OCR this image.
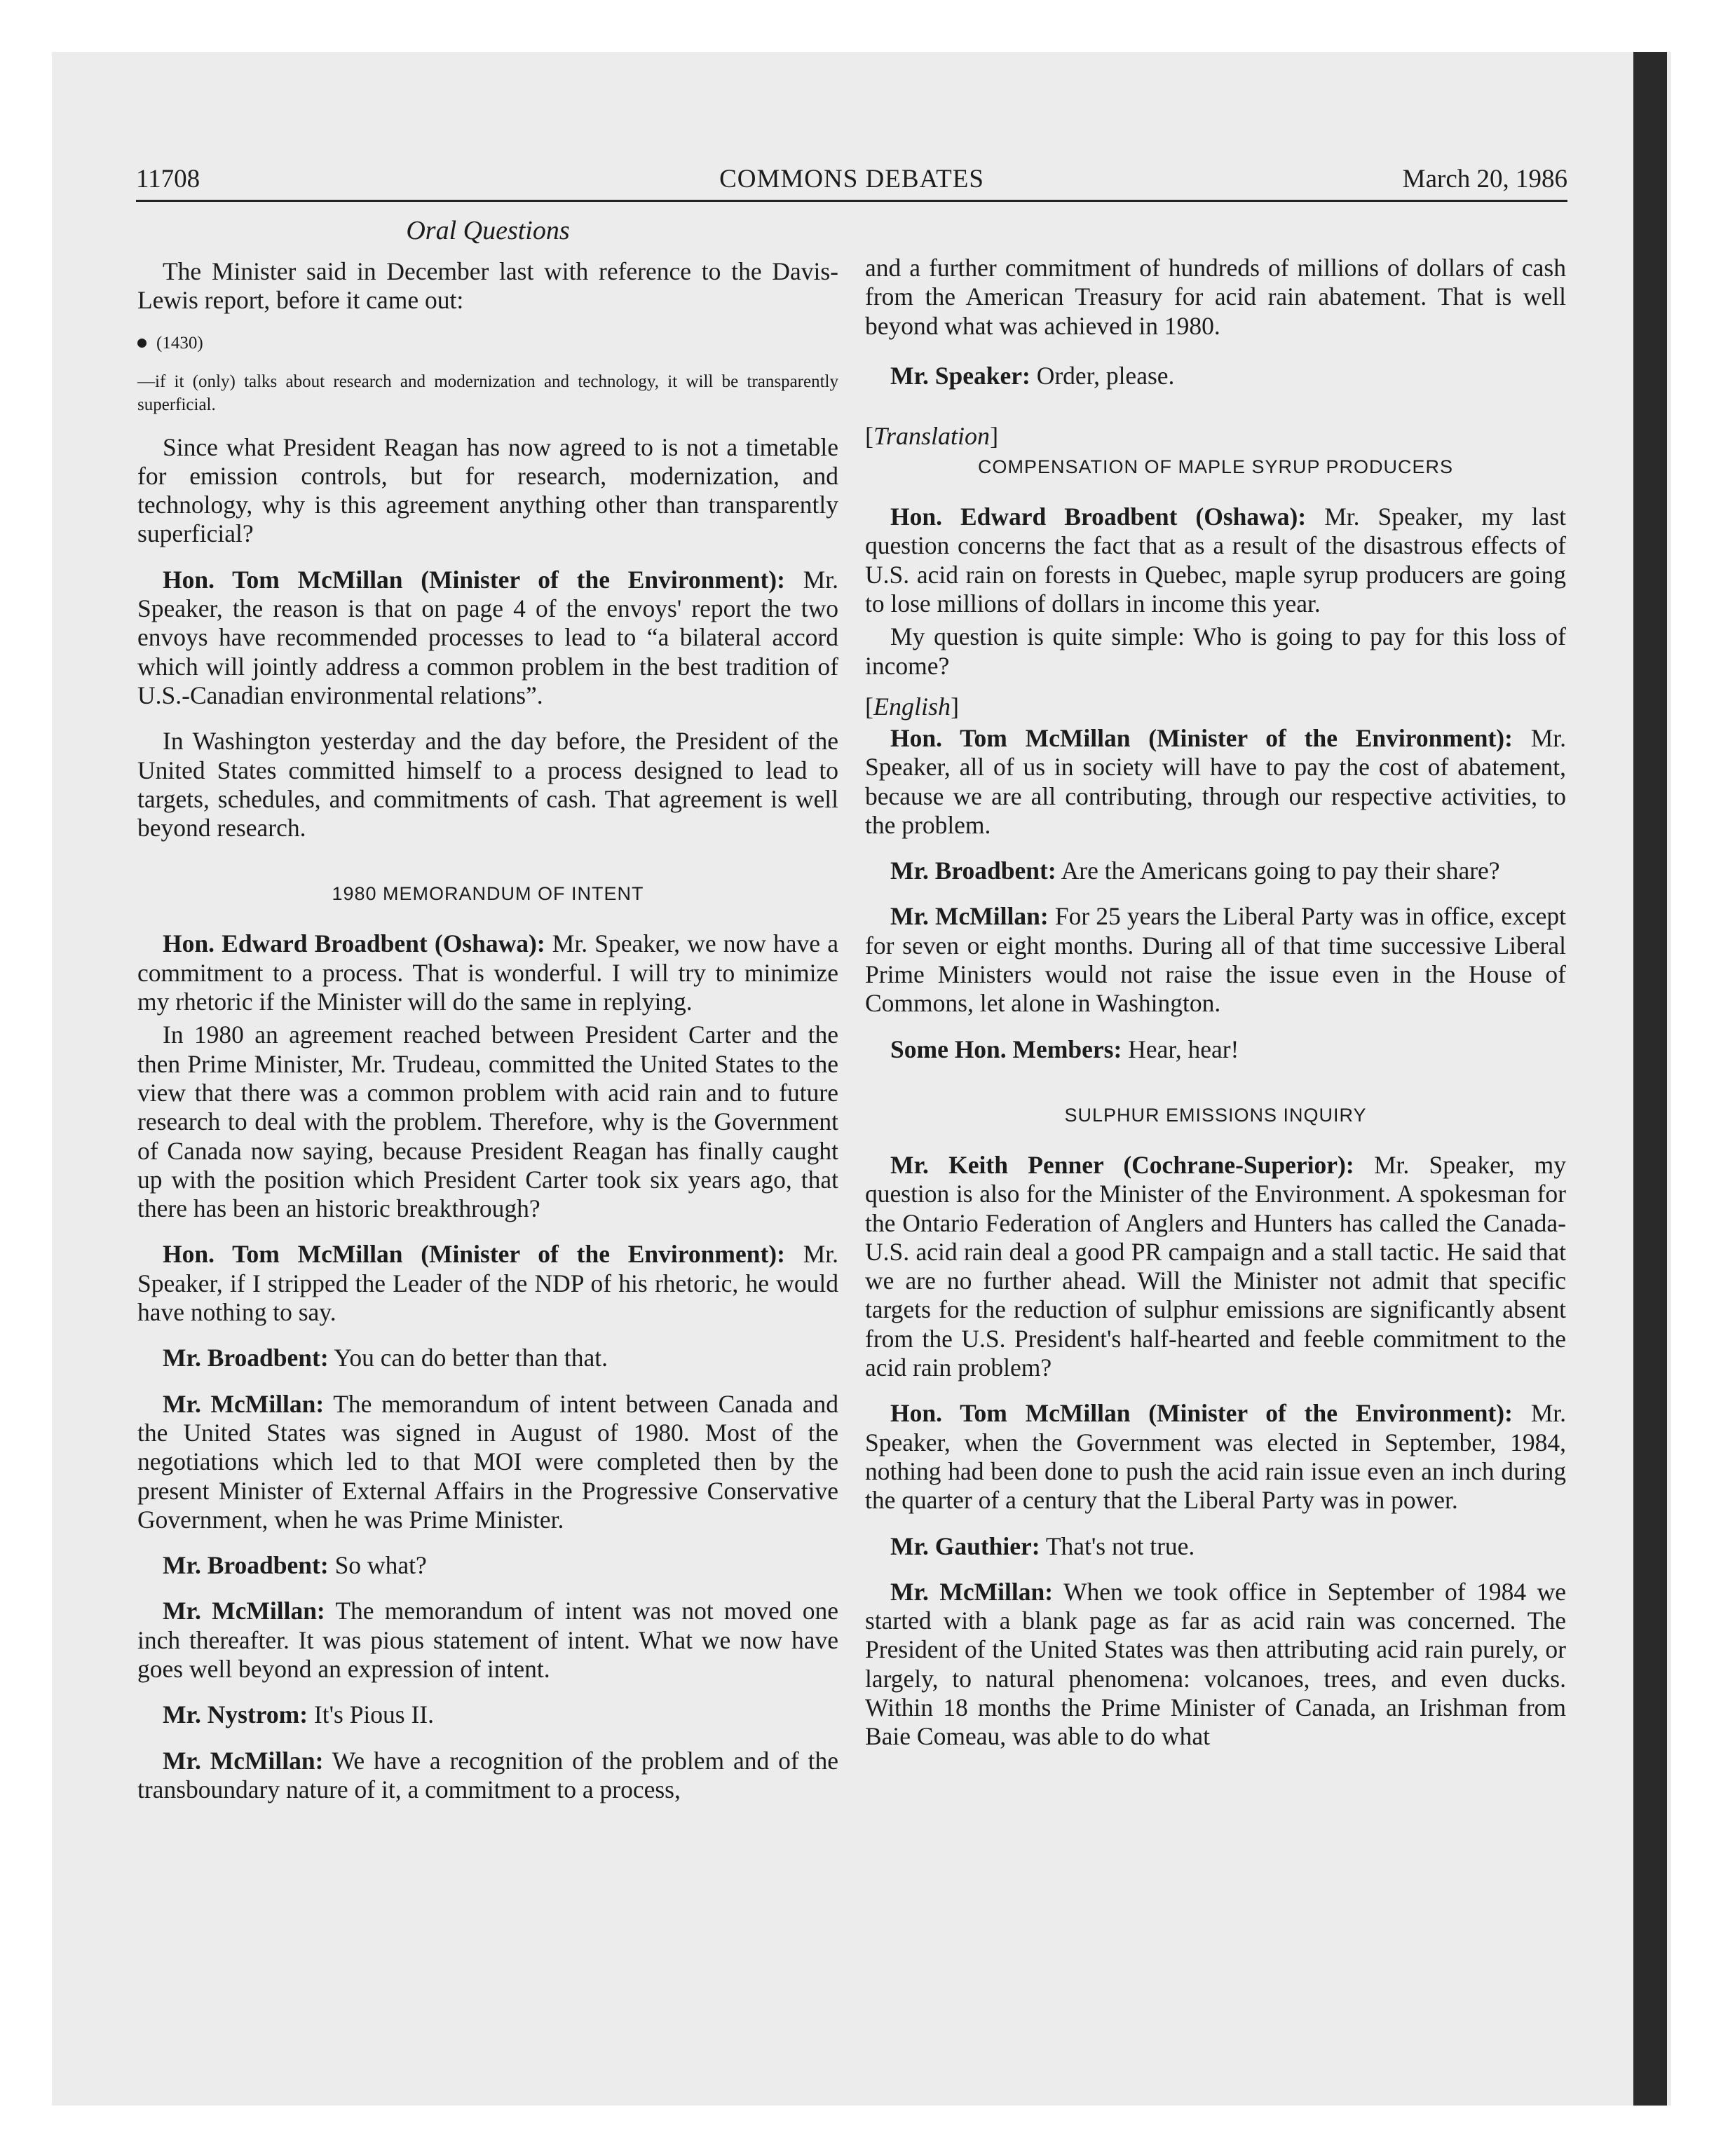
11708	COMMONS DEBATES	March 20, 1986
Oral Questions

The Minister said in December last with reference to the Davis-Lewis report, before it came out:

(1430)
—if it (only) talks about research and modernization and technology, it will be transparently superficial.

Since what President Reagan has now agreed to is not a timetable for emission controls, but for research, modernization, and technology, why is this agreement anything other than transparently superficial?

Hon. Tom McMillan (Minister of the Environment): Mr. Speaker, the reason is that on page 4 of the envoys' report the two envoys have recommended processes to lead to “a bilateral accord which will jointly address a common problem in the best tradition of U.S.-Canadian environmental relations”.

In Washington yesterday and the day before, the President of the United States committed himself to a process designed to lead to targets, schedules, and commitments of cash. That agreement is well beyond research.

1980 MEMORANDUM OF INTENT

Hon. Edward Broadbent (Oshawa): Mr. Speaker, we now have a commitment to a process. That is wonderful. I will try to minimize my rhetoric if the Minister will do the same in replying.

In 1980 an agreement reached between President Carter and the then Prime Minister, Mr. Trudeau, committed the United States to the view that there was a common problem with acid rain and to future research to deal with the problem. Therefore, why is the Government of Canada now saying, because President Reagan has finally caught up with the position which President Carter took six years ago, that there has been an historic breakthrough?

Hon. Tom McMillan (Minister of the Environment): Mr. Speaker, if I stripped the Leader of the NDP of his rhetoric, he would have nothing to say.

Mr. Broadbent: You can do better than that.

Mr. McMillan: The memorandum of intent between Canada and the United States was signed in August of 1980. Most of the negotiations which led to that MOI were completed then by the present Minister of External Affairs in the Progressive Conservative Government, when he was Prime Minister.

Mr. Broadbent: So what?

Mr. McMillan: The memorandum of intent was not moved one inch thereafter. It was pious statement of intent. What we now have goes well beyond an expression of intent.

Mr. Nystrom: It's Pious II.

Mr. McMillan: We have a recognition of the problem and of the transboundary nature of it, a commitment to a process,

and a further commitment of hundreds of millions of dollars of cash from the American Treasury for acid rain abatement. That is well beyond what was achieved in 1980.

Mr. Speaker: Order, please.

[Translation]
COMPENSATION OF MAPLE SYRUP PRODUCERS

Hon. Edward Broadbent (Oshawa): Mr. Speaker, my last question concerns the fact that as a result of the disastrous effects of U.S. acid rain on forests in Quebec, maple syrup producers are going to lose millions of dollars in income this year.

My question is quite simple: Who is going to pay for this loss of income?

[English]

Hon. Tom McMillan (Minister of the Environment): Mr. Speaker, all of us in society will have to pay the cost of abatement, because we are all contributing, through our respective activities, to the problem.

Mr. Broadbent: Are the Americans going to pay their share?

Mr. McMillan: For 25 years the Liberal Party was in office, except for seven or eight months. During all of that time successive Liberal Prime Ministers would not raise the issue even in the House of Commons, let alone in Washington.

Some Hon. Members: Hear, hear!

SULPHUR EMISSIONS INQUIRY

Mr. Keith Penner (Cochrane-Superior): Mr. Speaker, my question is also for the Minister of the Environment. A spokesman for the Ontario Federation of Anglers and Hunters has called the Canada-U.S. acid rain deal a good PR campaign and a stall tactic. He said that we are no further ahead. Will the Minister not admit that specific targets for the reduction of sulphur emissions are significantly absent from the U.S. President's half-hearted and feeble commitment to the acid rain problem?

Hon. Tom McMillan (Minister of the Environment): Mr. Speaker, when the Government was elected in September, 1984, nothing had been done to push the acid rain issue even an inch during the quarter of a century that the Liberal Party was in power.

Mr. Gauthier: That's not true.

Mr. McMillan: When we took office in September of 1984 we started with a blank page as far as acid rain was concerned. The President of the United States was then attributing acid rain purely, or largely, to natural phenomena: volcanoes, trees, and even ducks. Within 18 months the Prime Minister of Canada, an Irishman from Baie Comeau, was able to do what
